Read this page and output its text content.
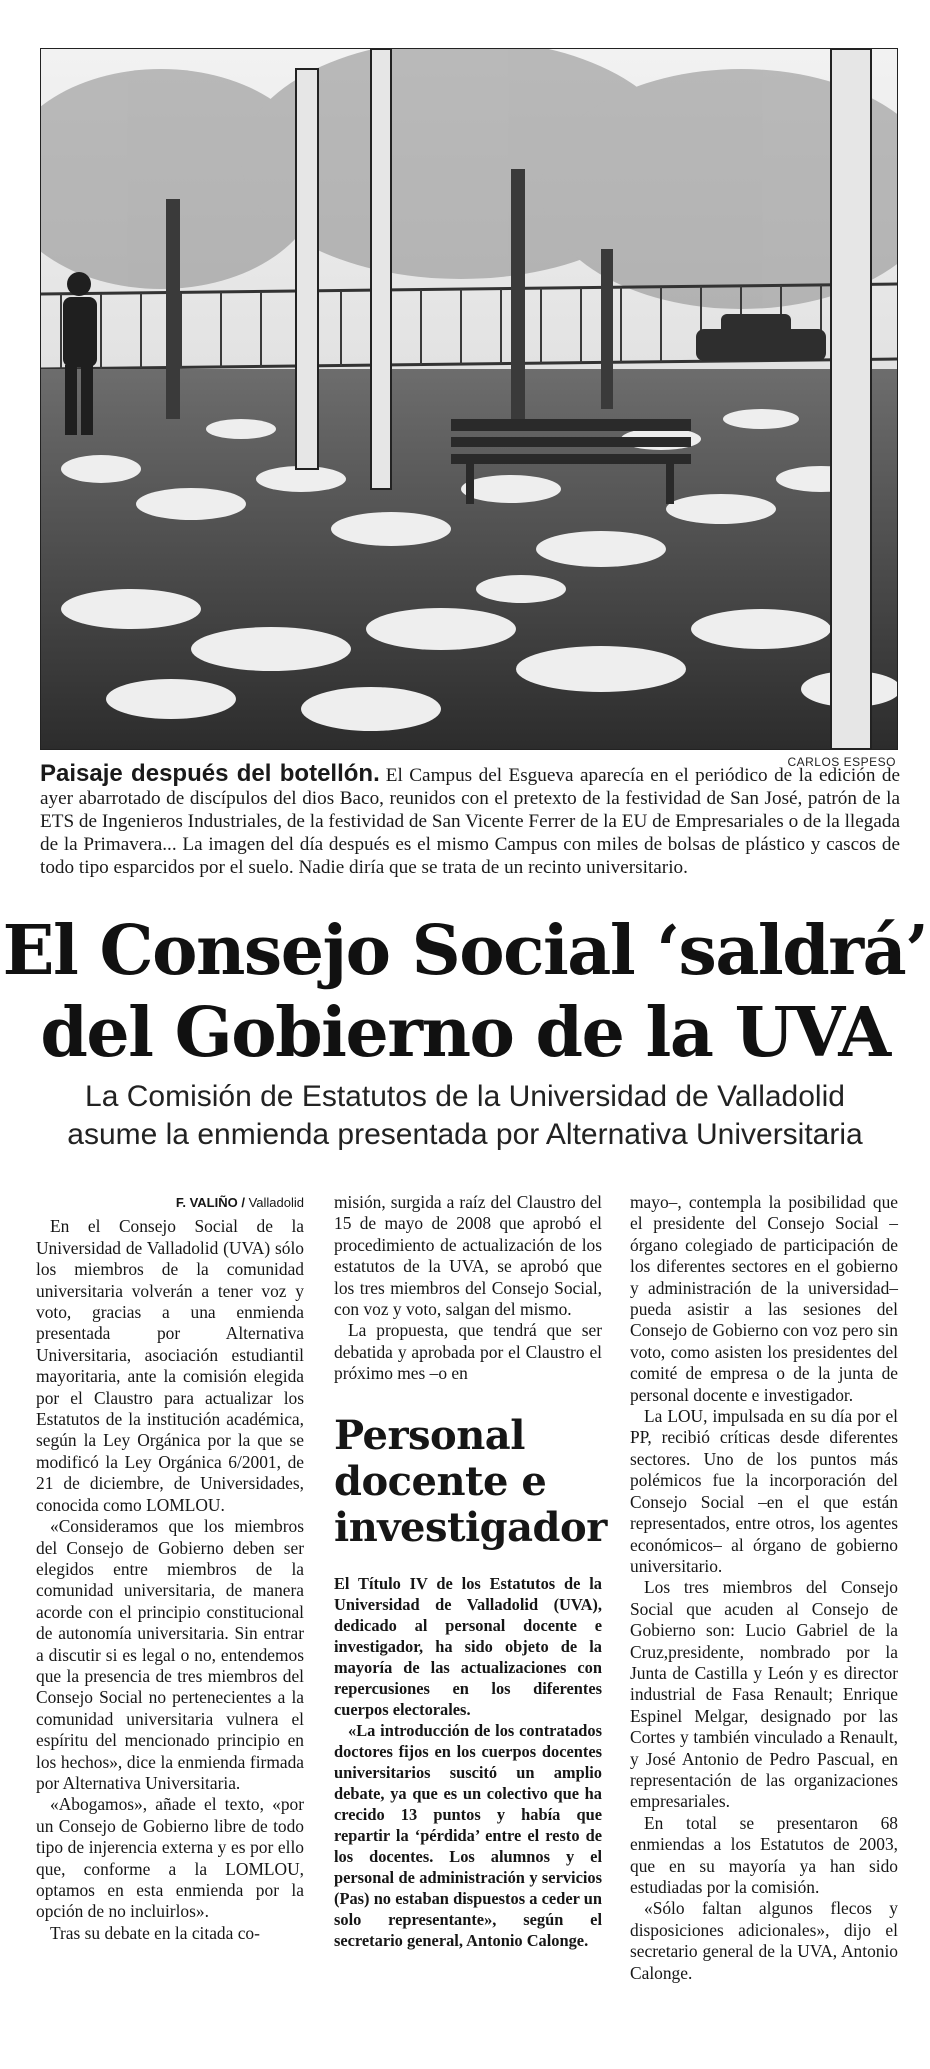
CARLOS ESPESO
Paisaje después del botellón. El Campus del Esgueva aparecía en el periódico de la edición de ayer abarrotado de discípulos del dios Baco, reunidos con el pretexto de la festividad de San José, patrón de la ETS de Ingenieros Industriales, de la festividad de San Vicente Ferrer de la EU de Empresariales o de la llegada de la Primavera... La imagen del día después es el mismo Campus con miles de bolsas de plástico y cascos de todo tipo esparcidos por el suelo. Nadie diría que se trata de un recinto universitario.
El Consejo Social ‘saldrá’
del Gobierno de la UVA
La Comisión de Estatutos de la Universidad de Valladolid
asume la enmienda presentada por Alternativa Universitaria
F. VALIÑO / Valladolid

En el Consejo Social de la Universidad de Valladolid (UVA) sólo los miembros de la comunidad universitaria volverán a tener voz y voto, gracias a una enmienda presentada por Alternativa Universitaria, asociación estudiantil mayoritaria, ante la comisión elegida por el Claustro para actualizar los Estatutos de la institución académica, según la Ley Orgánica por la que se modificó la Ley Orgánica 6/2001, de 21 de diciembre, de Universidades, conocida como LOMLOU.

«Consideramos que los miembros del Consejo de Gobierno deben ser elegidos entre miembros de la comunidad universitaria, de manera acorde con el principio constitucional de autonomía universitaria. Sin entrar a discutir si es legal o no, entendemos que la presencia de tres miembros del Consejo Social no pertenecientes a la comunidad universitaria vulnera el espíritu del mencionado principio en los hechos», dice la enmienda firmada por Alternativa Universitaria.

«Abogamos», añade el texto, «por un Consejo de Gobierno libre de todo tipo de injerencia externa y es por ello que, conforme a la LOMLOU, optamos en esta enmienda por la opción de no incluirlos».

Tras su debate en la citada co-

misión, surgida a raíz del Claustro del 15 de mayo de 2008 que aprobó el procedimiento de actualización de los estatutos de la UVA, se aprobó que los tres miembros del Consejo Social, con voz y voto, salgan del mismo.

La propuesta, que tendrá que ser debatida y aprobada por el Claustro el próximo mes –o en

Personal docente e investigador

El Título IV de los Estatutos de la Universidad de Valladolid (UVA), dedicado al personal docente e investigador, ha sido objeto de la mayoría de las actualizaciones con repercusiones en los diferentes cuerpos electorales.

«La introducción de los contratados doctores fijos en los cuerpos docentes universitarios suscitó un amplio debate, ya que es un colectivo que ha crecido 13 puntos y había que repartir la ‘pérdida’ entre el resto de los docentes. Los alumnos y el personal de administración y servicios (Pas) no estaban dispuestos a ceder un solo representante», según el secretario general, Antonio Calonge.

mayo–, contempla la posibilidad que el presidente del Consejo Social –órgano colegiado de participación de los diferentes sectores en el gobierno y administración de la universidad– pueda asistir a las sesiones del Consejo de Gobierno con voz pero sin voto, como asisten los presidentes del comité de empresa o de la junta de personal docente e investigador.

La LOU, impulsada en su día por el PP, recibió críticas desde diferentes sectores. Uno de los puntos más polémicos fue la incorporación del Consejo Social –en el que están representados, entre otros, los agentes económicos– al órgano de gobierno universitario.

Los tres miembros del Consejo Social que acuden al Consejo de Gobierno son: Lucio Gabriel de la Cruz,presidente, nombrado por la Junta de Castilla y León y es director industrial de Fasa Renault; Enrique Espinel Melgar, designado por las Cortes y también vinculado a Renault, y José Antonio de Pedro Pascual, en representación de las organizaciones empresariales.

En total se presentaron 68 enmiendas a los Estatutos de 2003, que en su mayoría ya han sido estudiadas por la comisión.

«Sólo faltan algunos flecos y disposiciones adicionales», dijo el secretario general de la UVA, Antonio Calonge.
